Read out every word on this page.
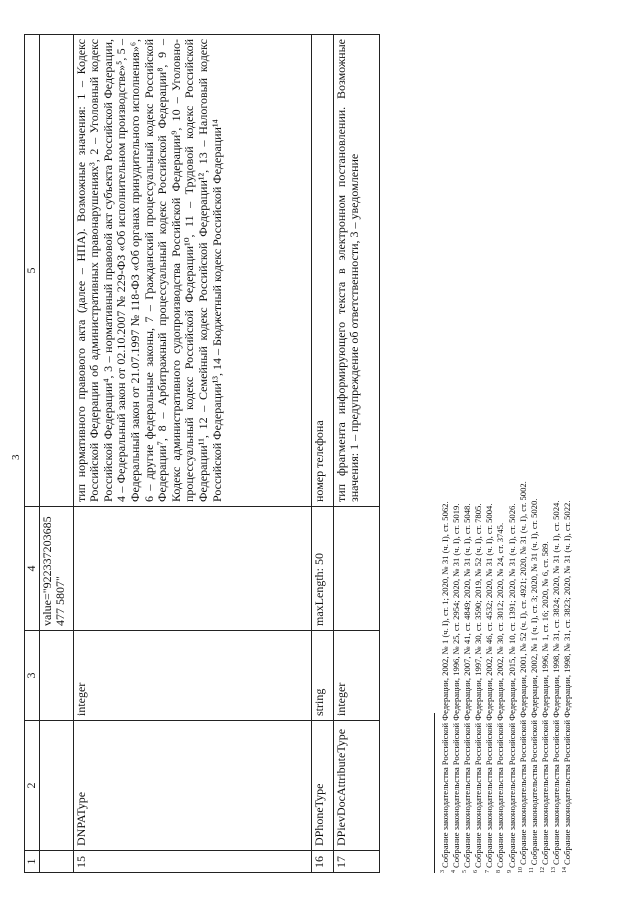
3
1	2	3	4	5
			value="922337203685477 5807"	
15	DNPAType	integer		тип нормативного правового акта (далее – НПА). Возможные значения: 1 – Кодекс Российской Федерации об административных правонарушениях³, 2 – Уголовный кодекс Российской Федерации⁴, 3 – нормативный правовой акт субъекта Российской Федерации, 4 – Федеральный закон от 02.10.2007 № 229-ФЗ «Об исполнительном производстве»⁵, 5 – Федеральный закон от 21.07.1997 № 118-ФЗ «Об органах принудительного исполнения»⁶, 6 – другие федеральные законы, 7 – Гражданский процессуальный кодекс Российской Федерации⁷, 8 – Арбитражный процессуальный кодекс Российской Федерации⁸, 9 – Кодекс административного судопроизводства Российской Федерации⁹, 10 – Уголовно-процессуальный кодекс Российской Федерации¹⁰, 11 – Трудовой кодекс Российской Федерации¹¹, 12 – Семейный кодекс Российской Федерации¹², 13 – Налоговый кодекс Российской Федерации¹³, 14 – Бюджетный кодекс Российской Федерации¹⁴
16	DPhoneType	string	maxLength: 50	номер телефона
17	DPievDocAttributeType	integer		тип фрагмента информирующего текста в электронном постановлении. Возможные значения: 1 – предупреждение об ответственности, 3 – уведомление
$^3$Собрание законодательства Российской Федерации, 2002, № 1 (ч. I), ст. 1; 2020, № 31 (ч. I), ст. 5062.
$^4$Собрание законодательства Российской Федерации, 1996, № 25, ст. 2954; 2020, № 31 (ч. I), ст. 5019.
$^5$Собрание законодательства Российской Федерации, 2007, № 41, ст. 4849; 2020, № 31 (ч. I), ст. 5048.
$^6$Собрание законодательства Российской Федерации, 1997, № 30, ст. 3590; 2019, № 52 (ч. I), ст. 7805.
$^7$Собрание законодательства Российской Федерации, 2002, № 46, ст. 4532; 2020, № 31 (ч. I), ст. 5004.
$^8$Собрание законодательства Российской Федерации, 2002, № 30, ст. 3012; 2020, № 24, ст. 3745.
$^9$Собрание законодательства Российской Федерации, 2015, № 10, ст. 1391; 2020, № 31 (ч. I), ст. 5026.
$^{10}$Собрание законодательства Российской Федерации, 2001, № 52 (ч. I), ст. 4921; 2020, № 31 (ч. I), ст. 5002.
$^{11}$Собрание законодательства Российской Федерации, 2002, № 1 (ч. I), ст. 3; 2020, № 31 (ч. I), ст. 5020.
$^{12}$Собрание законодательства Российской Федерации, 1996, № 1, ст. 16; 2020, № 6, ст. 589.
$^{13}$Собрание законодательства Российской Федерации, 1998, № 31, ст. 3824; 2020, № 31 (ч. I), ст. 5024.
$^{14}$Собрание законодательства Российской Федерации, 1998, № 31, ст. 3823; 2020, № 31 (ч. I), ст. 5022.
